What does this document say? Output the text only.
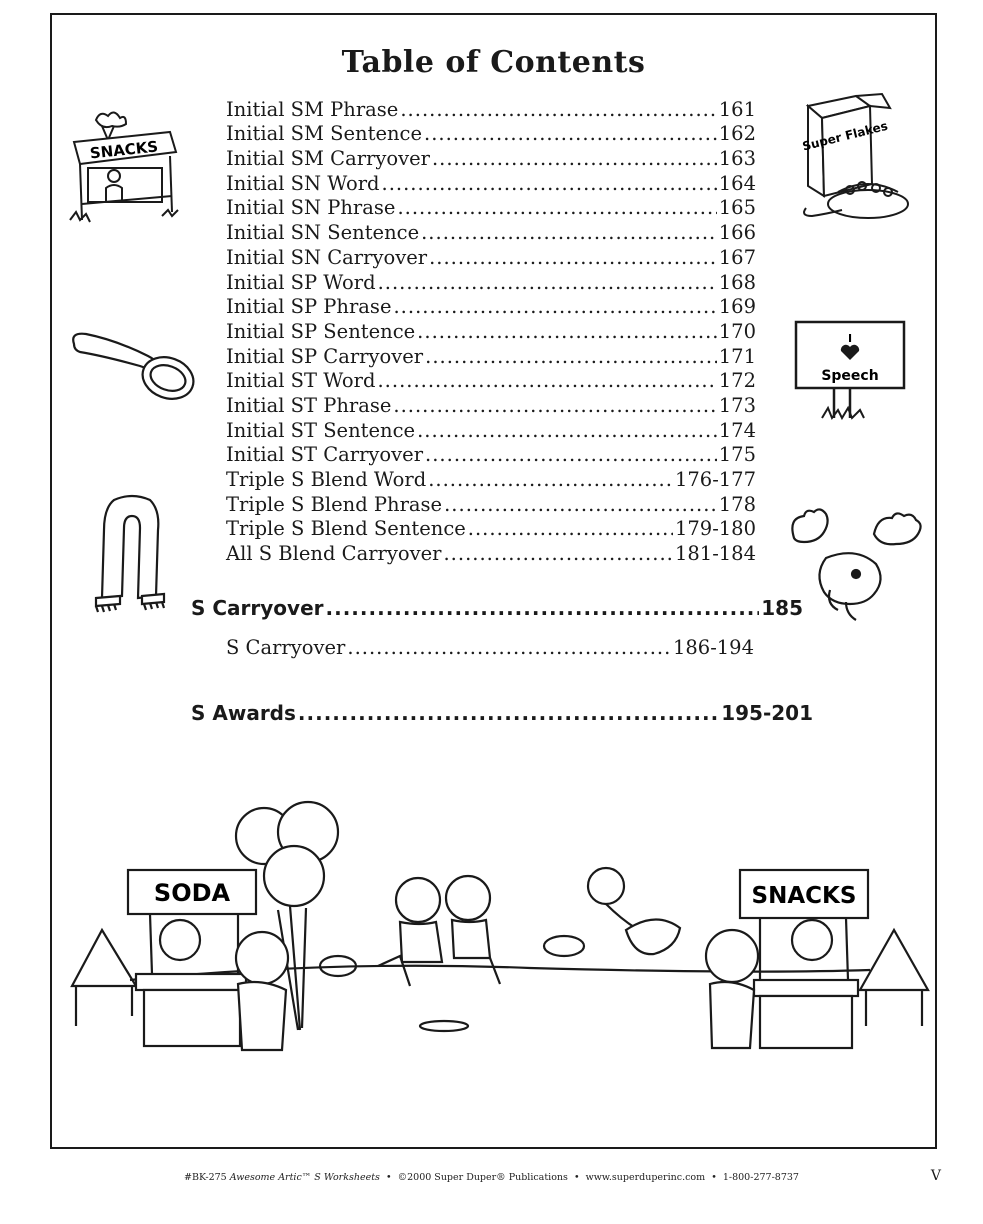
Table of Contents
Initial SM Phrase .....	161
Initial SM Sentence .....	162
Initial SM Carryover .....	163
Initial SN Word .....	164
Initial SN Phrase .....	165
Initial SN Sentence .....	166
Initial SN Carryover .....	167
Initial SP Word .....	168
Initial SP Phrase .....	169
Initial SP Sentence .....	170
Initial SP Carryover .....	171
Initial ST Word .....	172
Initial ST Phrase .....	173
Initial ST Sentence .....	174
Initial ST Carryover .....	175
Triple S Blend Word .....	176-177
Triple S Blend Phrase .....	178
Triple S Blend Sentence .....	179-180
All S Blend Carryover .....	181-184
S Carryover .....	185
S Carryover .....	186-194
S Awards .....	195-201
SNACKS	Super Flakes
I
Speech
SODA	SNACKS
#BK-275 Awesome Artic™ S Worksheets • ©2000 Super Duper® Publications • www.superduperinc.com • 1-800-277-8737	V
